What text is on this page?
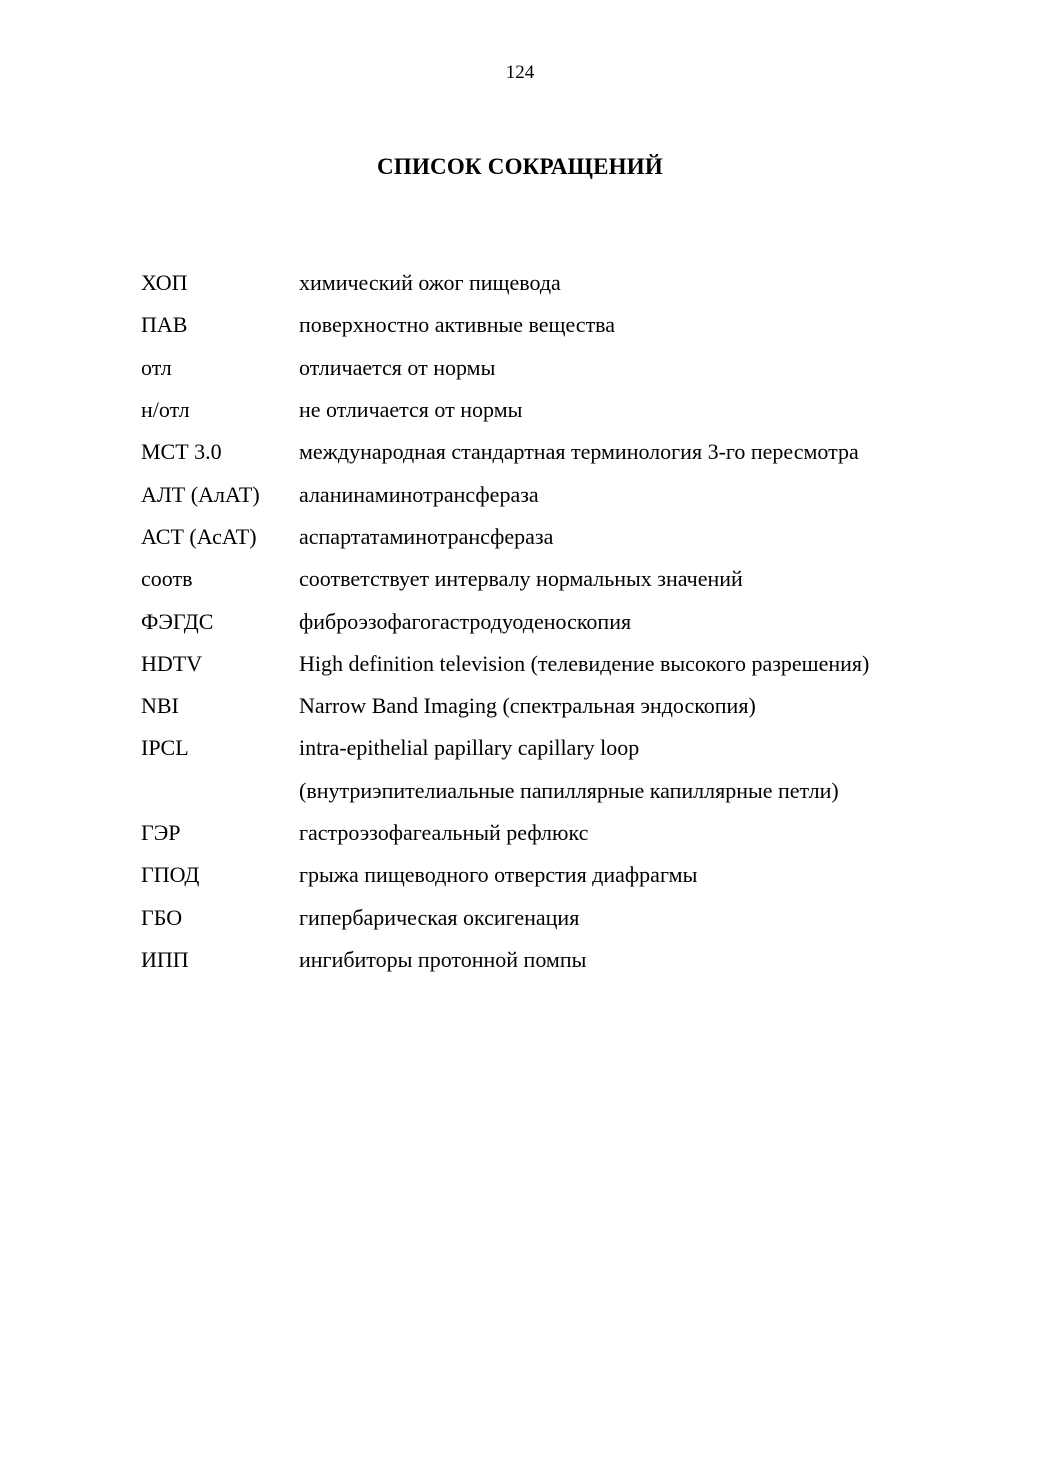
124
СПИСОК СОКРАЩЕНИЙ
ХОП	химический ожог пищевода
ПАВ	поверхностно активные вещества
отл	отличается от нормы
н/отл	не отличается от нормы
МСТ 3.0	международная стандартная терминология 3-го пересмотра
АЛТ (АлАТ)	аланинаминотрансфераза
АСТ (АсАТ)	аспартатаминотрансфераза
соотв	соответствует интервалу нормальных значений
ФЭГДС	фиброэзофагогастродуоденоскопия
HDTV	High definition television (телевидение высокого разрешения)
NBI	Narrow Band Imaging (спектральная эндоскопия)
IPCL	intra-epithelial papillary capillary loop
(внутриэпителиальные папиллярные капиллярные петли)
ГЭР	гастроэзофагеальный рефлюкс
ГПОД	грыжа пищеводного отверстия диафрагмы
ГБО	гипербарическая оксигенация
ИПП	ингибиторы протонной помпы
